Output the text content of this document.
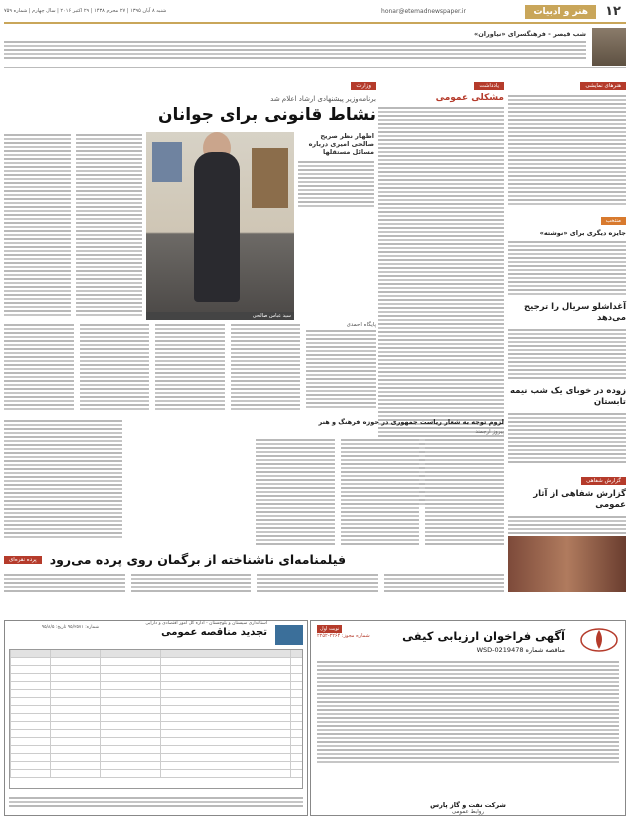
۱۲
هنر و ادبیات
honar@etemadnewspaper.ir
شنبه ۸ آبان ۱۳۹۵ | ۲۷ محرم ۱۴۳۸ | ۲۹ اکتبر ۲۰۱۶ | سال چهارم | شماره ۷۵۹
شب قیصر - فرهنگسرای «نیاوران»
هنرهای نمایشی
منتخب
جایزه دیگری برای «نوشته»
آغداشلو سریال را ترجیح می‌دهد
زوده در خوبای یک شب نیمه تابستان
گزارش شفاهی
گزارش شفاهی از آثار عمومی
یادداشت
مشکلی عمومی
وزارت
برنامه‌وزیر پیشنهادی ارشاد اعلام شد
نشاط قانونی برای جوانان
اظهار نظر صریح صالحی امیری درباره مسائل مستقلها
سید عباس صالحی
پایگاه احمدی
لزوم توجه به شعار ریاست جمهوری در حوزه فرهنگ و هنر
پیروز ارجمند
فیلمنامه‌ای ناشناخته از برگمان روی پرده می‌رود
پرده نقره‌ای
نوبت اول
شماره مجوز: ۲۲۶۴-۲۲۵۲	آگهی فراخوان ارزیابی کیفی
مناقصه شماره WSD-0219478
شرکت نفت و گاز پارس
روابط عمومی
استانداری سیستان و بلوچستان - اداره کل امور اقتصادی و دارایی
تجدید مناقصه عمومی
شماره: ۹۵/۲۵۷۱ تاریخ: ۹۵/۸/۵
